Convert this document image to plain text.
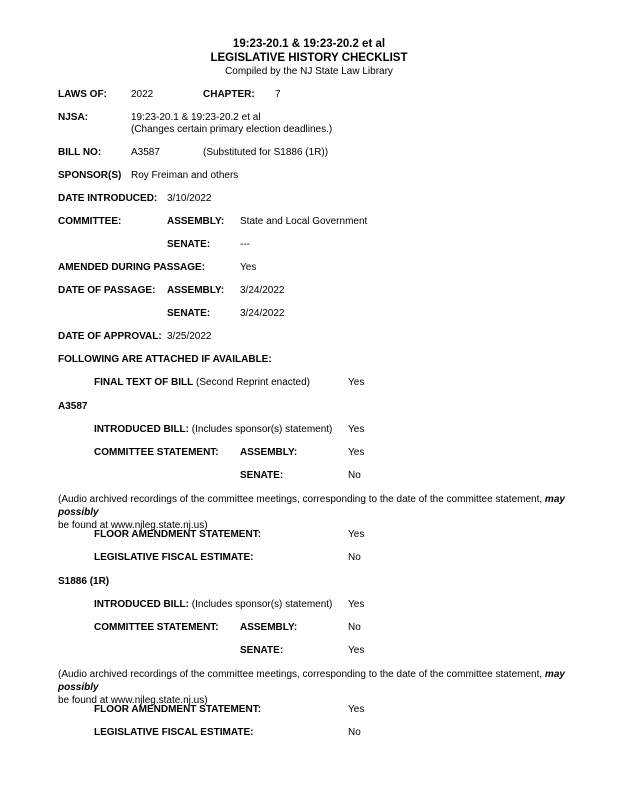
19:23-20.1 & 19:23-20.2 et al
LEGISLATIVE HISTORY CHECKLIST
Compiled by the NJ State Law Library
LAWS OF: 2022	CHAPTER: 7
NJSA:	19:23-20.1 & 19:23-20.2 et al
(Changes certain primary election deadlines.)
BILL NO:	A3587	(Substituted for S1886 (1R))
SPONSOR(S) Roy Freiman and others
DATE INTRODUCED: 3/10/2022
COMMITTEE:	ASSEMBLY: State and Local Government
SENATE:	---
AMENDED DURING PASSAGE:	Yes
DATE OF PASSAGE: ASSEMBLY: 3/24/2022
SENATE:	3/24/2022
DATE OF APPROVAL: 3/25/2022
FOLLOWING ARE ATTACHED IF AVAILABLE:
FINAL TEXT OF BILL (Second Reprint enacted)	Yes
A3587
INTRODUCED BILL: (Includes sponsor(s) statement) Yes
COMMITTEE STATEMENT: ASSEMBLY:	Yes
SENATE:	No
(Audio archived recordings of the committee meetings, corresponding to the date of the committee statement, may possibly
be found at www.njleg.state.nj.us)
FLOOR AMENDMENT STATEMENT:	Yes
LEGISLATIVE FISCAL ESTIMATE:	No
S1886 (1R)
INTRODUCED BILL: (Includes sponsor(s) statement) Yes
COMMITTEE STATEMENT: ASSEMBLY:	No
SENATE:	Yes
(Audio archived recordings of the committee meetings, corresponding to the date of the committee statement, may possibly
be found at www.njleg.state.nj.us)
FLOOR AMENDMENT STATEMENT:	Yes
LEGISLATIVE FISCAL ESTIMATE:	No
